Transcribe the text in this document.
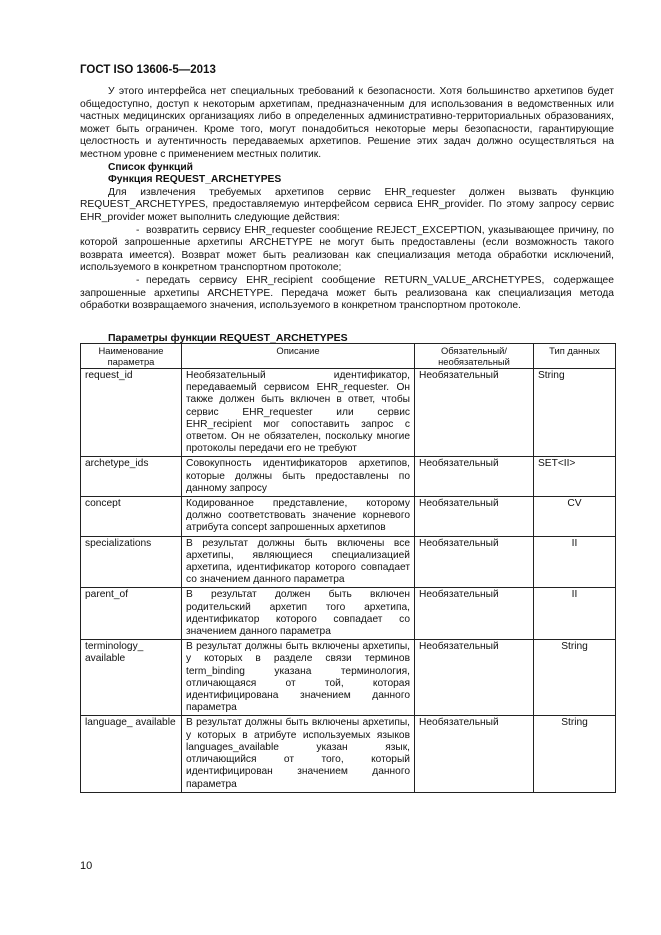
ГОСТ ISO 13606-5—2013

У этого интерфейса нет специальных требований к безопасности. Хотя большинство архетипов будет общедоступно, доступ к некоторым архетипам, предназначенным для использования в ведомственных или частных медицинских организациях либо в определенных административно-территориальных образованиях, может быть ограничен. Кроме того, могут понадобиться некоторые меры безопасности, гарантирующие целостность и аутентичность передаваемых архетипов. Решение этих задач должно осуществляться на местном уровне с применением местных политик.

Список функций

Функция REQUEST_ARCHETYPES

Для извлечения требуемых архетипов сервис EHR_requester должен вызвать функцию REQUEST_ARCHETYPES, предоставляемую интерфейсом сервиса EHR_provider. По этому запросу сервис EHR_provider может выполнить следующие действия:

- возвратить сервису EHR_requester сообщение REJECT_EXCEPTION, указывающее причину, по которой запрошенные архетипы ARCHETYPE не могут быть предоставлены (если возможность такого возврата имеется). Возврат может быть реализован как специализация метода обработки исключений, используемого в конкретном транспортном протоколе;

- передать сервису EHR_recipient сообщение RETURN_VALUE_ARCHETYPES, содержащее запрошенные архетипы ARCHETYPE. Передача может быть реализована как специализация метода обработки возвращаемого значения, используемого в конкретном транспортном протоколе.

Параметры функции REQUEST_ARCHETYPES
Наименование параметра	Описание	Обязательный/ необязательный	Тип данных
request_id	Необязательный идентификатор, передаваемый сервисом EHR_requester. Он также должен быть включен в ответ, чтобы сервис EHR_requester или сервис EHR_recipient мог сопоставить запрос с ответом. Он не обязателен, поскольку многие протоколы передачи его не требуют	Необязательный	String
archetype_ids	Совокупность идентификаторов архетипов, которые должны быть предоставлены по данному запросу	Необязательный	SET<II>
concept	Кодированное представление, которому должно соответствовать значение корневого атрибута concept запрошенных архетипов	Необязательный	CV
specializations	В результат должны быть включены все архетипы, являющиеся специализацией архетипа, идентификатор которого совпадает со значением данного параметра	Необязательный	II
parent_of	В результат должен быть включен родительский архетип того архетипа, идентификатор которого совпадает со значением данного параметра	Необязательный	II
terminology_ available	В результат должны быть включены архетипы, у которых в разделе связи терминов term_binding указана терминология, отличающаяся от той, которая идентифицирована значением данного параметра	Необязательный	String
language_ available	В результат должны быть включены архетипы, у которых в атрибуте используемых языков languages_available указан язык, отличающийся от того, который идентифицирован значением данного параметра	Необязательный	String
10
